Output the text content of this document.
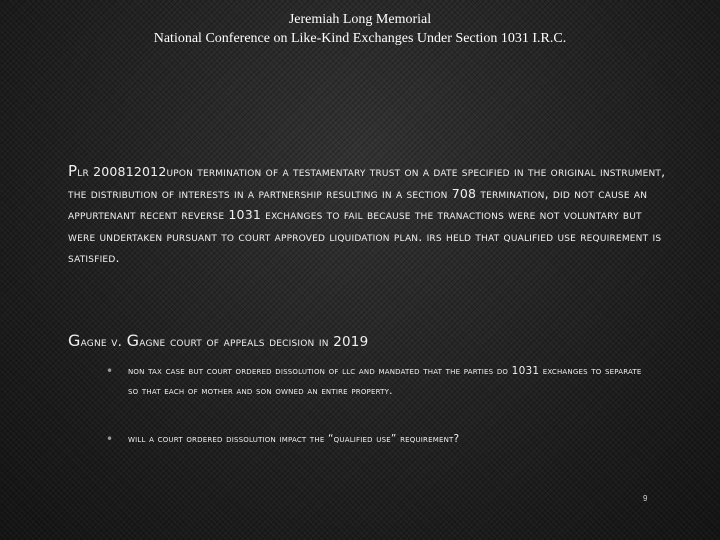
Jeremiah Long Memorial
National Conference on Like-Kind Exchanges Under Section 1031 I.R.C.
Plr 200812012upon termination of a testamentary trust on a date specified in the original instrument, the distribution of interests in a partnership resulting in a section 708 termination, did not cause an appurtenant recent reverse 1031 exchanges to fail because the tranactions were not voluntary but were undertaken pursuant to court approved liquidation plan. irs held that qualified use requirement is satisfied.
Gagne v. Gagne court of appeals decision in 2019
• non tax case but court ordered dissolution of llc and mandated that the parties do 1031 exchanges to separate so that each of mother and son owned an entire property.
• will a court ordered dissolution impact the “qualified use” requirement?
9
